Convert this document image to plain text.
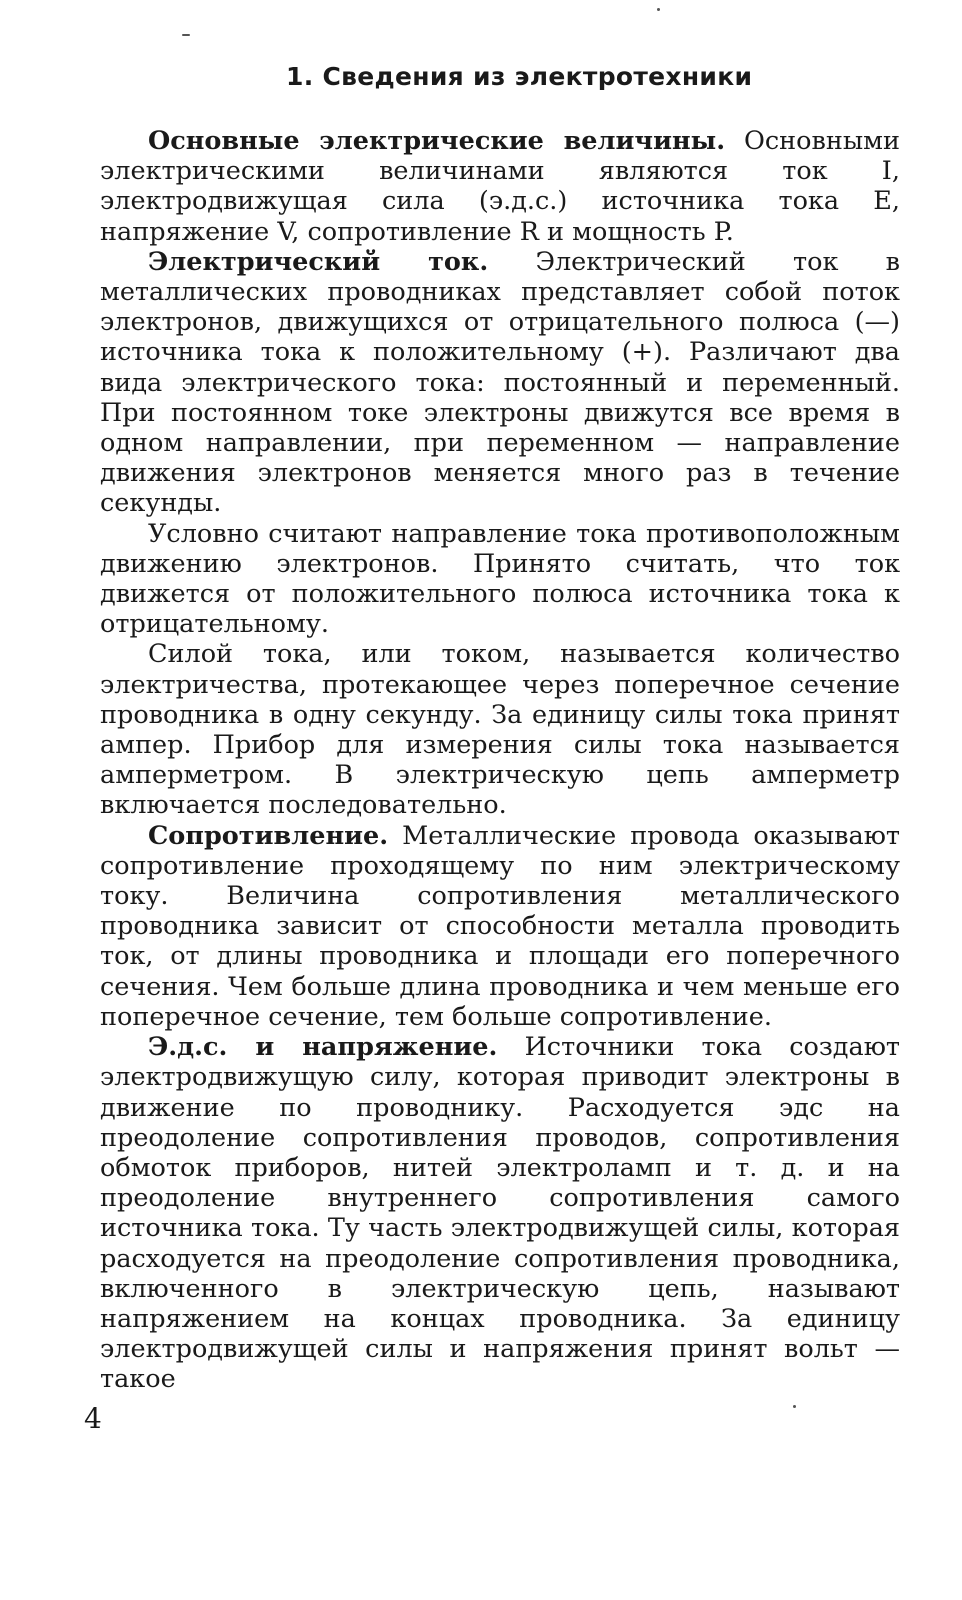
1. Сведения из электротехники

Основные электрические величины. Основными электрическими величинами являются ток I, электродвижущая сила (э.д.с.) источника тока E, напряжение V, сопротивление R и мощность P.

Электрический ток. Электрический ток в металлических проводниках представляет собой поток электронов, движущихся от отрицательного полюса (—) источника тока к положительному (+). Различают два вида электрического тока: постоянный и переменный. При постоянном токе электроны движутся все время в одном направлении, при переменном — направление движения электронов меняется много раз в течение секунды.

Условно считают направление тока противоположным движению электронов. Принято считать, что ток движется от положительного полюса источника тока к отрицательному.

Силой тока, или током, называется количество электричества, протекающее через поперечное сечение проводника в одну секунду. За единицу силы тока принят ампер. Прибор для измерения силы тока называется амперметром. В электрическую цепь амперметр включается последовательно.

Сопротивление. Металлические провода оказывают сопротивление проходящему по ним электрическому току. Величина сопротивления металлического проводника зависит от способности металла проводить ток, от длины проводника и площади его поперечного сечения. Чем больше длина проводника и чем меньше его поперечное сечение, тем больше сопротивление.

Э.д.с. и напряжение. Источники тока создают электродвижущую силу, которая приводит электроны в движение по проводнику. Расходуется эдс на преодоление сопротивления проводов, сопротивления обмоток приборов, нитей электроламп и т. д. и на преодоление внутреннего сопротивления самого источника тока. Ту часть электродвижущей силы, которая расходуется на преодоление сопротивления проводника, включенного в электрическую цепь, называют напряжением на концах проводника. За единицу электродвижущей силы и напряжения принят вольт — такое

4
